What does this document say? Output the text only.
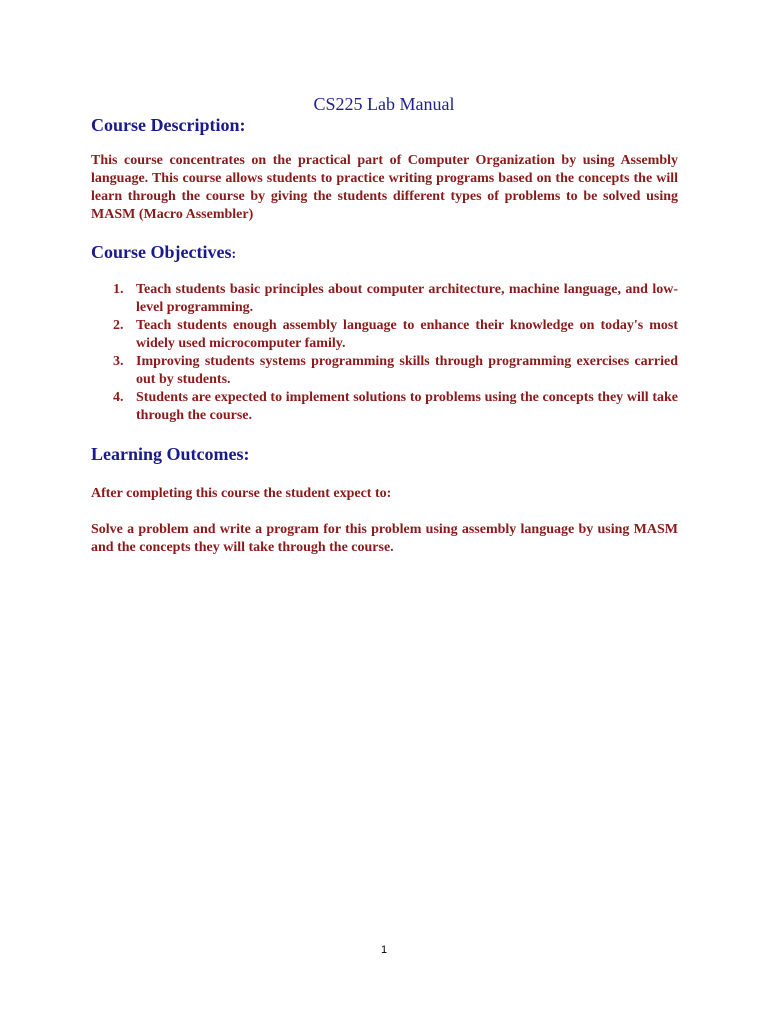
CS225 Lab Manual
Course Description:

This course concentrates on the practical part of Computer Organization by using Assembly language. This course allows students to practice writing programs based on the concepts the will learn through the course by giving the students different types of problems to be solved using MASM (Macro Assembler)

Course Objectives:
1. Teach students basic principles about computer architecture, machine language, and low-level programming.
2. Teach students enough assembly language to enhance their knowledge on today's most widely used microcomputer family.
3. Improving students systems programming skills through programming exercises carried out by students.
4. Students are expected to implement solutions to problems using the concepts they will take through the course.
Learning Outcomes:

After completing this course the student expect to:

Solve a problem and write a program for this problem using assembly language by using MASM and the concepts they will take through the course.

1
